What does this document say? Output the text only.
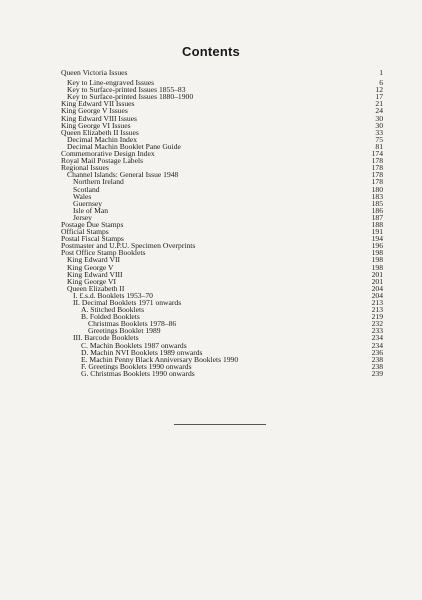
Contents
Queen Victoria Issues	1
Key to Line-engraved Issues	6
Key to Surface-printed Issues 1855–83	12
Key to Surface-printed Issues 1880–1900	17
King Edward VII Issues	21
King George V Issues	24
King Edward VIII Issues	30
King George VI Issues	30
Queen Elizabeth II Issues	33
Decimal Machin Index	75
Decimal Machin Booklet Pane Guide	81
Commemorative Design Index	174
Royal Mail Postage Labels	178
Regional Issues	178
Channel Islands: General Issue 1948	178
Northern Ireland	178
Scotland	180
Wales	183
Guernsey	185
Isle of Man	186
Jersey	187
Postage Due Stamps	188
Official Stamps	191
Postal Fiscal Stamps	194
Postmaster and U.P.U. Specimen Overprints	196
Post Office Stamp Booklets	198
King Edward VII	198
King George V	198
King Edward VIII	201
King George VI	201
Queen Elizabeth II	204
I. £.s.d. Booklets 1953–70	204
II. Decimal Booklets 1971 onwards	213
A. Stitched Booklets	213
B. Folded Booklets	219
Christmas Booklets 1978–86	232
Greetings Booklet 1989	233
III. Barcode Booklets	234
C. Machin Booklets 1987 onwards	234
D. Machin NVI Booklets 1989 onwards	236
E. Machin Penny Black Anniversary Booklets 1990	238
F. Greetings Booklets 1990 onwards	238
G. Christmas Booklets 1990 onwards	239
